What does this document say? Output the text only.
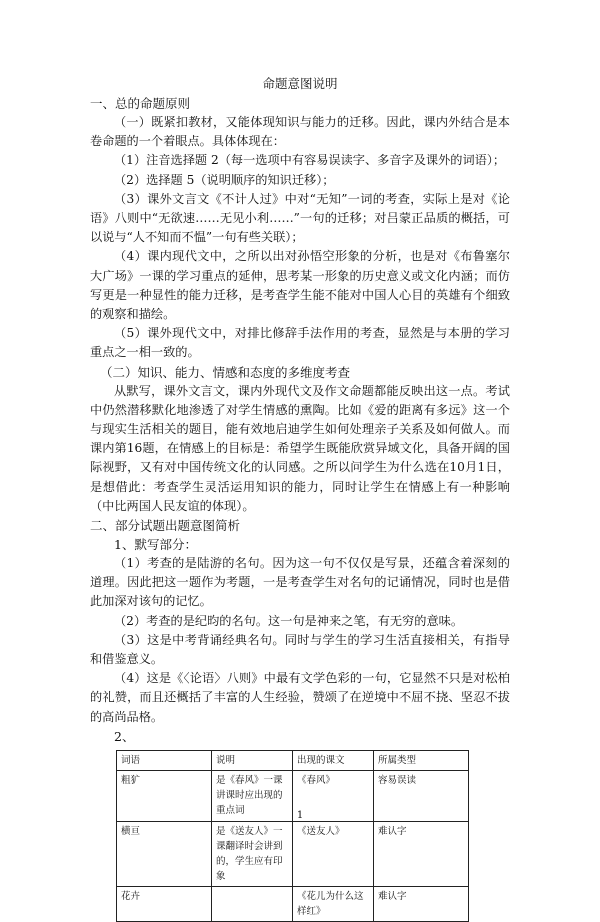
命题意图说明

一、总的命题原则

（一）既紧扣教材，又能体现知识与能力的迁移。因此，课内外结合是本卷命题的一个着眼点。具体体现在：

（1）注音选择题 2（每一选项中有容易误读字、多音字及课外的词语）；

（2）选择题 5（说明顺序的知识迁移）；

（3）课外文言文《不计人过》中对“无知”一词的考查，实际上是对《论语》八则中“无欲速……无见小利……”一句的迁移；对吕蒙正品质的概括，可以说与“人不知而不愠”一句有些关联）；

（4）课内现代文中，之所以出对孙悟空形象的分析，也是对《布鲁塞尔大广场》一课的学习重点的延伸，思考某一形象的历史意义或文化内涵；而仿写更是一种显性的能力迁移，是考查学生能不能对中国人心目的英雄有个细致的观察和描绘。

（5）课外现代文中，对排比修辞手法作用的考查，显然是与本册的学习重点之一相一致的。

（二）知识、能力、情感和态度的多维度考查

从默写，课外文言文，课内外现代文及作文命题都能反映出这一点。考试中仍然潜移默化地渗透了对学生情感的熏陶。比如《爱的距离有多远》这一个与现实生活相关的题目，能有效地启迪学生如何处理亲子关系及如何做人。而课内第16题，在情感上的目标是：希望学生既能欣赏异域文化，具备开阔的国际视野，又有对中国传统文化的认同感。之所以问学生为什么选在10月1日，是想借此：考查学生灵活运用知识的能力，同时让学生在情感上有一种影响（中比两国人民友谊的体现）。

二、部分试题出题意图简析

1、默写部分：

（1）考查的是陆游的名句。因为这一句不仅仅是写景，还蕴含着深刻的道理。因此把这一题作为考题，一是考查学生对名句的记诵情况，同时也是借此加深对该句的记忆。

（2）考查的是纪昀的名句。这一句是神来之笔，有无穷的意味。

（3）这是中考背诵经典名句。同时与学生的学习生活直接相关，有指导和借鉴意义。

（4）这是《〈论语〉八则》中最有文学色彩的一句，它显然不只是对松柏的礼赞，而且还概括了丰富的人生经验，赞颂了在逆境中不屈不挠、坚忍不拔的高尚品格。

2、

词语	说明	出现的课文	所属类型
粗犷	是《春风》一课讲课时应出现的重点词	《春风》	容易误读
横亘	是《送友人》一课翻译时会讲到的，学生应有印象	《送友人》	难认字
花卉		《花儿为什么这样红》	难认字
1
